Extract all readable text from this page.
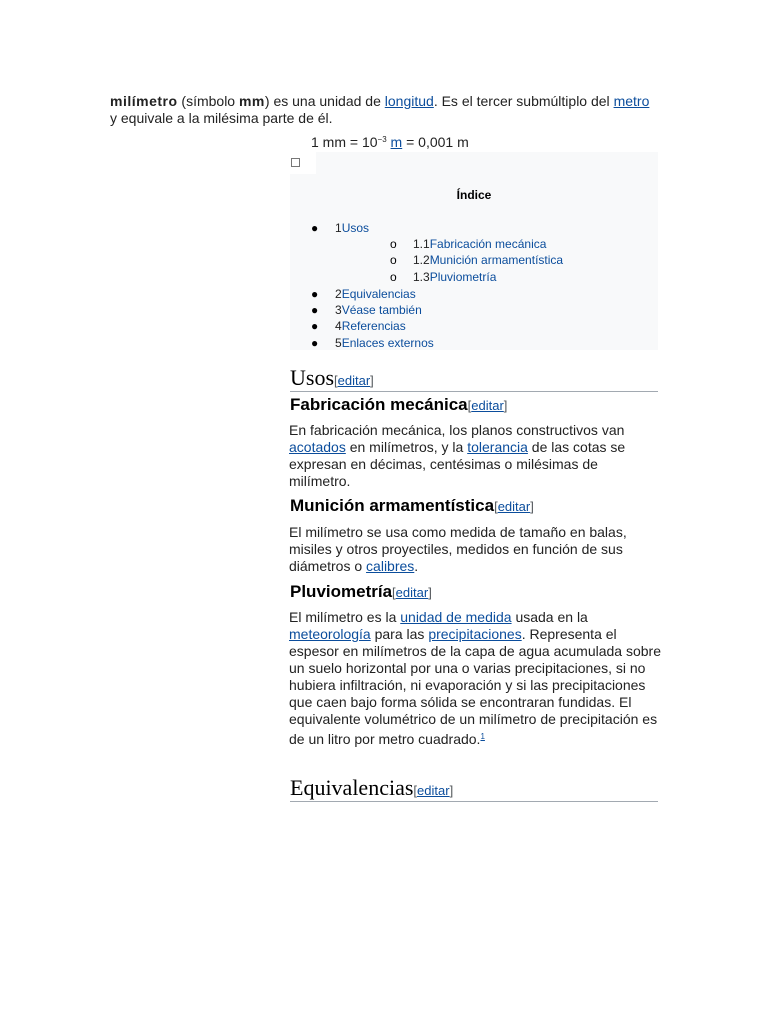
milímetro (símbolo mm) es una unidad de longitud. Es el tercer submúltiplo del metro y equivale a la milésima parte de él.
1 mm = $10^{-3}$ m = 0,001 m
Índice
● 1Usos
o 1.1Fabricación mecánica
o 1.2Munición armamentística
o 1.3Pluviometría
● 2Equivalencias
● 3Véase también
● 4Referencias
● 5Enlaces externos
Usos[editar]
Fabricación mecánica[editar]
En fabricación mecánica, los planos constructivos van acotados en milímetros, y la tolerancia de las cotas se expresan en décimas, centésimas o milésimas de milímetro.
Munición armamentística[editar]
El milímetro se usa como medida de tamaño en balas, misiles y otros proyectiles, medidos en función de sus diámetros o calibres.
Pluviometría[editar]
El milímetro es la unidad de medida usada en la meteorología para las precipitaciones. Representa el espesor en milímetros de la capa de agua acumulada sobre un suelo horizontal por una o varias precipitaciones, si no hubiera infiltración, ni evaporación y si las precipitaciones que caen bajo forma sólida se encontraran fundidas. El equivalente volumétrico de un milímetro de precipitación es de un litro por metro cuadrado.$^1$
Equivalencias[editar]
